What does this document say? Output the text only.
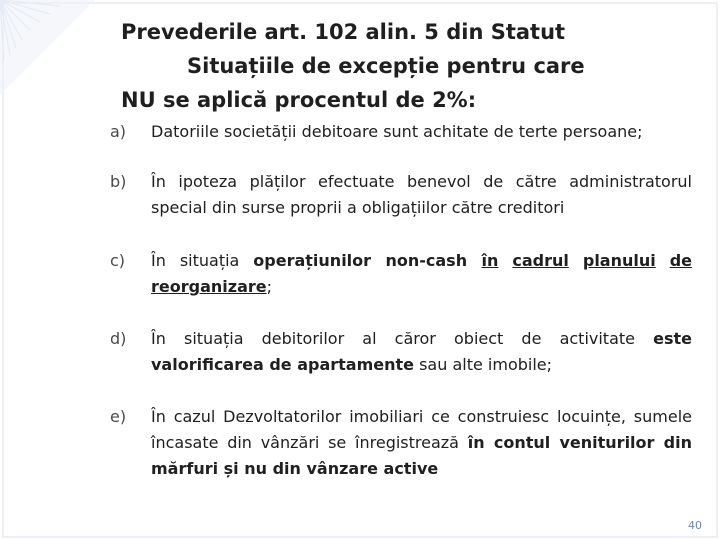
Prevederile art. 102 alin. 5 din Statut
Situațiile de excepție pentru care
NU se aplică procentul de 2%:
a)	Datoriile societății debitoare sunt achitate de terte persoane;
b)	În ipoteza plăților efectuate benevol de către administratorul special din surse proprii a obligațiilor către creditori
c)	În situația operațiunilor non-cash în cadrul planului de reorganizare;
d)	În situația debitorilor al căror obiect de activitate este valorificarea de apartamente sau alte imobile;
e)	În cazul Dezvoltatorilor imobiliari ce construiesc locuințe, sumele încasate din vânzări se înregistrează în contul veniturilor din mărfuri și nu din vânzare active
40
